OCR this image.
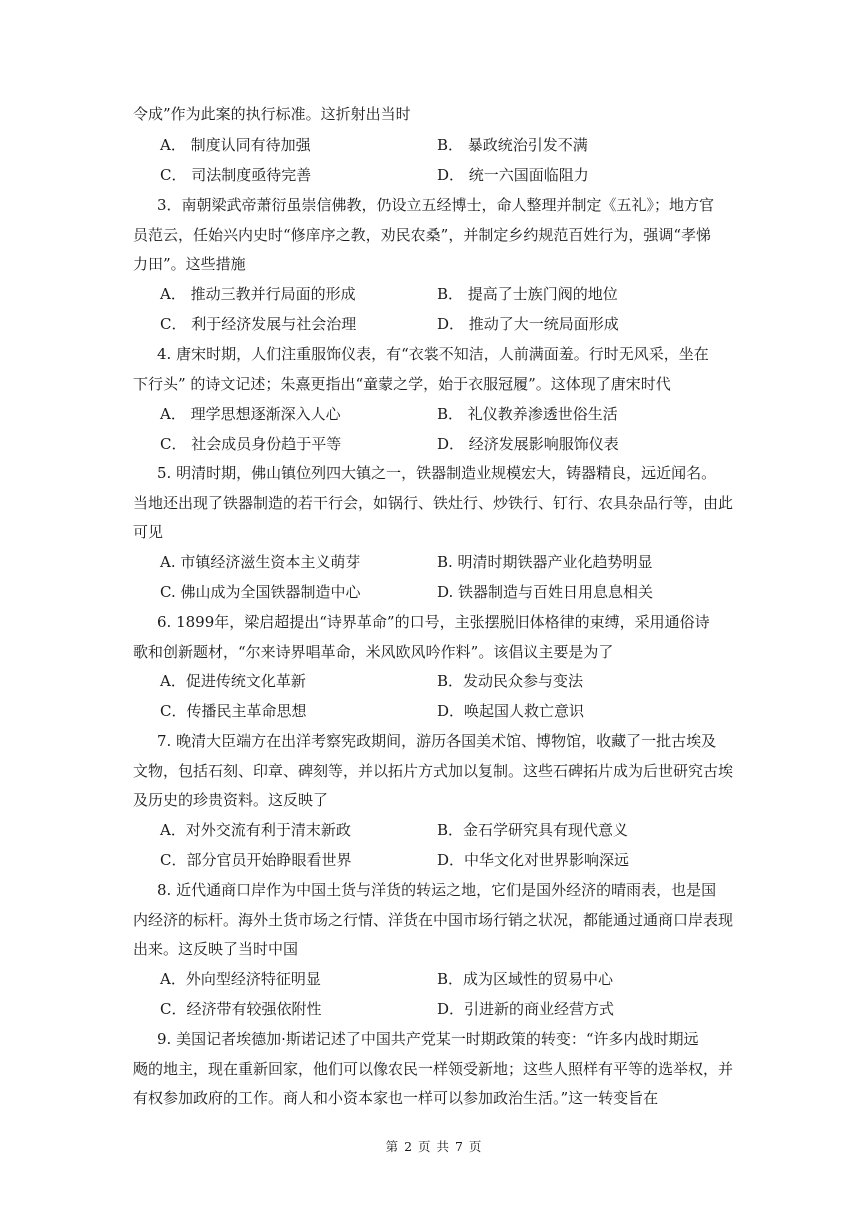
令成”作为此案的执行标准。这折射出当时
A． 制度认同有待加强	B． 暴政统治引发不满
C． 司法制度亟待完善	D． 统一六国面临阻力
3．南朝梁武帝萧衍虽崇信佛教，仍设立五经博士，命人整理并制定《五礼》；地方官
员范云，任始兴内史时“修庠序之教，劝民农桑”，并制定乡约规范百姓行为，强调“孝悌
力田”。这些措施
A． 推动三教并行局面的形成	B． 提高了士族门阀的地位
C． 利于经济发展与社会治理	D． 推动了大一统局面形成
4. 唐宋时期，人们注重服饰仪表，有“衣裳不知洁，人前满面羞。行时无风采，坐在
下行头” 的诗文记述；朱熹更指出“童蒙之学，始于衣服冠履”。这体现了唐宋时代
A． 理学思想逐渐深入人心	B． 礼仪教养渗透世俗生活
C． 社会成员身份趋于平等	D． 经济发展影响服饰仪表
5. 明清时期，佛山镇位列四大镇之一，铁器制造业规模宏大，铸器精良，远近闻名。
当地还出现了铁器制造的若干行会，如锅行、铁灶行、炒铁行、钉行、农具杂品行等，由此
可见
A. 市镇经济滋生资本主义萌芽	B. 明清时期铁器产业化趋势明显
C. 佛山成为全国铁器制造中心	D. 铁器制造与百姓日用息息相关
6. 1899年，梁启超提出“诗界革命”的口号，主张摆脱旧体格律的束缚，采用通俗诗
歌和创新题材，“尔来诗界唱革命，米风欧风吟作料”。该倡议主要是为了
A．促进传统文化革新	B．发动民众参与变法
C．传播民主革命思想	D．唤起国人救亡意识
7. 晚清大臣端方在出洋考察宪政期间，游历各国美术馆、博物馆，收藏了一批古埃及
文物，包括石刻、印章、碑刻等，并以拓片方式加以复制。这些石碑拓片成为后世研究古埃
及历史的珍贵资料。这反映了
A．对外交流有利于清末新政	B．金石学研究具有现代意义
C．部分官员开始睁眼看世界	D．中华文化对世界影响深远
8. 近代通商口岸作为中国土货与洋货的转运之地，它们是国外经济的晴雨表，也是国
内经济的标杆。海外土货市场之行情、洋货在中国市场行销之状况，都能通过通商口岸表现
出来。这反映了当时中国
A．外向型经济特征明显	B．成为区域性的贸易中心
C．经济带有较强依附性	D．引进新的商业经营方式
9. 美国记者埃德加·斯诺记述了中国共产党某一时期政策的转变：“许多内战时期远
飏的地主，现在重新回家，他们可以像农民一样领受新地；这些人照样有平等的选举权，并
有权参加政府的工作。商人和小资本家也一样可以参加政治生活。”这一转变旨在
第 2 页 共 7 页
